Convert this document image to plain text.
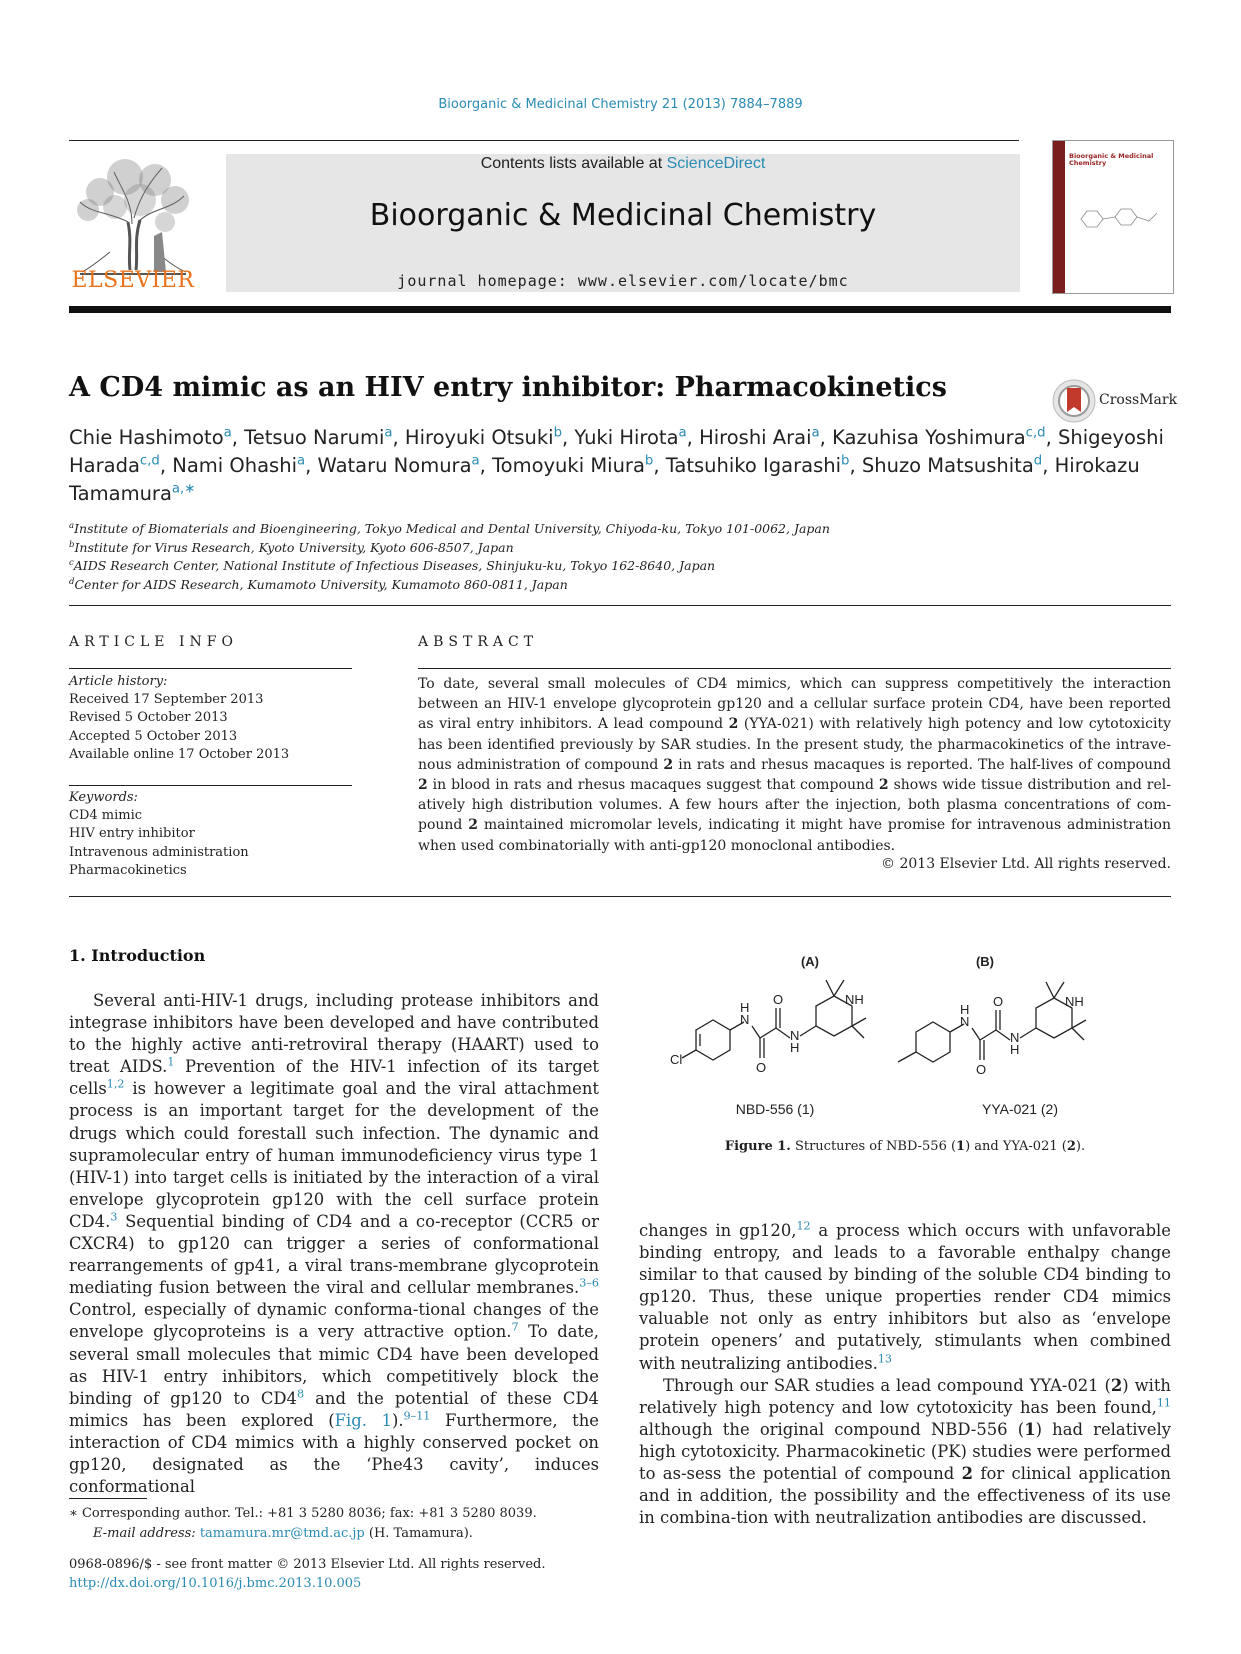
Bioorganic & Medicinal Chemistry 21 (2013) 7884–7889
ELSEVIER
Contents lists available at ScienceDirect
Bioorganic & Medicinal Chemistry
journal homepage: www.elsevier.com/locate/bmc
Bioorganic & Medicinal Chemistry
A CD4 mimic as an HIV entry inhibitor: Pharmacokinetics	CrossMark
Chie Hashimoto$^a$, Tetsuo Narumi$^a$, Hiroyuki Otsuki$^b$, Yuki Hirota$^a$, Hiroshi Arai$^a$, Kazuhisa Yoshimura$^{c,d}$, Shigeyoshi Harada$^{c,d}$, Nami Ohashi$^a$, Wataru Nomura$^a$, Tomoyuki Miura$^b$, Tatsuhiko Igarashi$^b$, Shuzo Matsushita$^d$, Hirokazu Tamamura$^{a,∗}$
$^a$Institute of Biomaterials and Bioengineering, Tokyo Medical and Dental University, Chiyoda-ku, Tokyo 101-0062, Japan
$^b$Institute for Virus Research, Kyoto University, Kyoto 606-8507, Japan
$^c$AIDS Research Center, National Institute of Infectious Diseases, Shinjuku-ku, Tokyo 162-8640, Japan
$^d$Center for AIDS Research, Kumamoto University, Kumamoto 860-0811, Japan
ARTICLE INFO
Article history:
Received 17 September 2013
Revised 5 October 2013
Accepted 5 October 2013
Available online 17 October 2013
Keywords:
CD4 mimic
HIV entry inhibitor
Intravenous administration
Pharmacokinetics
ABSTRACT
To date, several small molecules of CD4 mimics, which can suppress competitively the interaction between an HIV-1 envelope glycoprotein gp120 and a cellular surface protein CD4, have been reported as viral entry inhibitors. A lead compound 2 (YYA-021) with relatively high potency and low cytotoxicity has been identified previously by SAR studies. In the present study, the pharmacokinetics of the intrave-nous administration of compound 2 in rats and rhesus macaques is reported. The half-lives of compound 2 in blood in rats and rhesus macaques suggest that compound 2 shows wide tissue distribution and rel-atively high distribution volumes. A few hours after the injection, both plasma concentrations of com-pound 2 maintained micromolar levels, indicating it might have promise for intravenous administration when used combinatorially with anti-gp120 monoclonal antibodies.
© 2013 Elsevier Ltd. All rights reserved.
1. Introduction
Several anti-HIV-1 drugs, including protease inhibitors and integrase inhibitors have been developed and have contributed to the highly active anti-retroviral therapy (HAART) used to treat AIDS.$^1$ Prevention of the HIV-1 infection of its target cells$^{1,2}$ is however a legitimate goal and the viral attachment process is an important target for the development of the drugs which could forestall such infection. The dynamic and supramolecular entry of human immunodeficiency virus type 1 (HIV-1) into target cells is initiated by the interaction of a viral envelope glycoprotein gp120 with the cell surface protein CD4.$^3$ Sequential binding of CD4 and a co-receptor (CCR5 or CXCR4) to gp120 can trigger a series of conformational rearrangements of gp41, a viral trans-membrane glycoprotein mediating fusion between the viral and cellular membranes.$^{3-6}$ Control, especially of dynamic conforma-tional changes of the envelope glycoproteins is a very attractive option.$^7$ To date, several small molecules that mimic CD4 have been developed as HIV-1 entry inhibitors, which competitively block the binding of gp120 to $CD4^8$ and the potential of these CD4 mimics has been explored (Fig. 1).$^{9-11}$ Furthermore, the interaction of CD4 mimics with a highly conserved pocket on gp120, designated as the ‘Phe43 cavity’, induces conformational
(A)	(B)
Cl
H
N
O
O
N
H
NH
H
N
O
O
N
H
NH
NBD-556 (1)	YYA-021 (2)
Figure 1. Structures of NBD-556 (1) and YYA-021 (2).

changes in gp120,12 a process which occurs with unfavorable binding entropy, and leads to a favorable enthalpy change similar to that caused by binding of the soluble CD4 binding to gp120. Thus, these unique properties render CD4 mimics valuable not only as entry inhibitors but also as ‘envelope protein openers’ and putatively, stimulants when combined with neutralizing antibodies.$^{13}$

Through our SAR studies a lead compound YYA-021 (2) with relatively high potency and low cytotoxicity has been found,$^{11}$ although the original compound NBD-556 (1) had relatively high cytotoxicity. Pharmacokinetic (PK) studies were performed to as-sess the potential of compound 2 for clinical application and in addition, the possibility and the effectiveness of its use in combina-tion with neutralization antibodies are discussed.

∗ Corresponding author. Tel.: +81 3 5280 8036; fax: +81 3 5280 8039.
E-mail address: tamamura.mr@tmd.ac.jp (H. Tamamura).
0968-0896/$ - see front matter © 2013 Elsevier Ltd. All rights reserved.
http://dx.doi.org/10.1016/j.bmc.2013.10.005
